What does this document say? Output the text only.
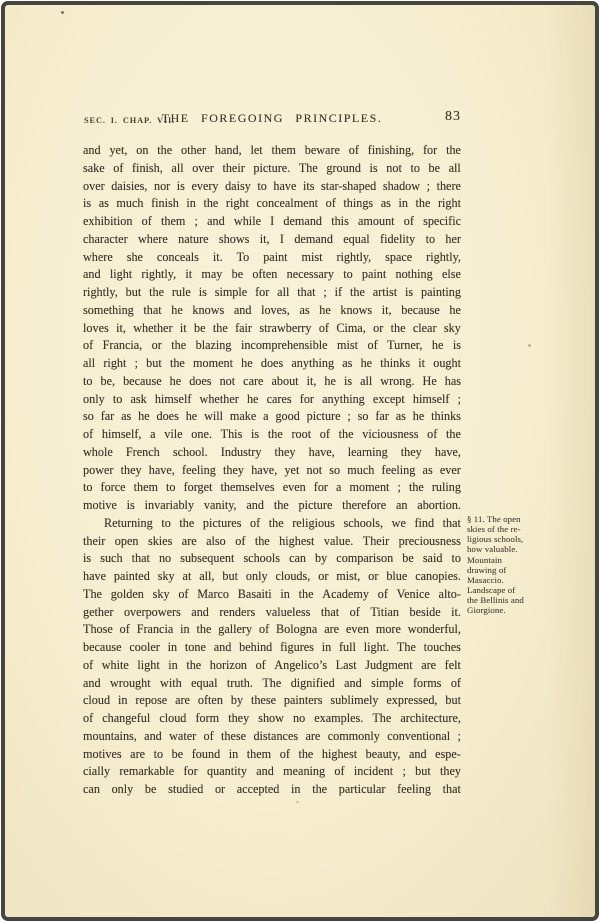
SEC. I. CHAP. VII.
THE FOREGOING PRINCIPLES.	83
and yet, on the other hand, let them beware of finishing, for the
sake of finish, all over their picture. The ground is not to be all
over daisies, nor is every daisy to have its star-shaped shadow ; there
is as much finish in the right concealment of things as in the right
exhibition of them ; and while I demand this amount of specific
character where nature shows it, I demand equal fidelity to her
where she conceals it. To paint mist rightly, space rightly,
and light rightly, it may be often necessary to paint nothing else
rightly, but the rule is simple for all that ; if the artist is painting
something that he knows and loves, as he knows it, because he
loves it, whether it be the fair strawberry of Cima, or the clear sky
of Francia, or the blazing incomprehensible mist of Turner, he is
all right ; but the moment he does anything as he thinks it ought
to be, because he does not care about it, he is all wrong. He has
only to ask himself whether he cares for anything except himself ;
so far as he does he will make a good picture ; so far as he thinks
of himself, a vile one. This is the root of the viciousness of the
whole French school. Industry they have, learning they have,
power they have, feeling they have, yet not so much feeling as ever
to force them to forget themselves even for a moment ; the ruling
motive is invariably vanity, and the picture therefore an abortion.
Returning to the pictures of the religious schools, we find that
their open skies are also of the highest value. Their preciousness
is such that no subsequent schools can by comparison be said to
have painted sky at all, but only clouds, or mist, or blue canopies.
The golden sky of Marco Basaiti in the Academy of Venice alto-
gether overpowers and renders valueless that of Titian beside it.
Those of Francia in the gallery of Bologna are even more wonderful,
because cooler in tone and behind figures in full light. The touches
of white light in the horizon of Angelico’s Last Judgment are felt
and wrought with equal truth. The dignified and simple forms of
cloud in repose are often by these painters sublimely expressed, but
of changeful cloud form they show no examples. The architecture,
mountains, and water of these distances are commonly conventional ;
motives are to be found in them of the highest beauty, and espe-
cially remarkable for quantity and meaning of incident ; but they
can only be studied or accepted in the particular feeling that
§ 11. The open
skies of the re-
ligious schools,
how valuable.
Mountain
drawing of
Masaccio.
Landscape of
the Bellinis and
Giorgione.
